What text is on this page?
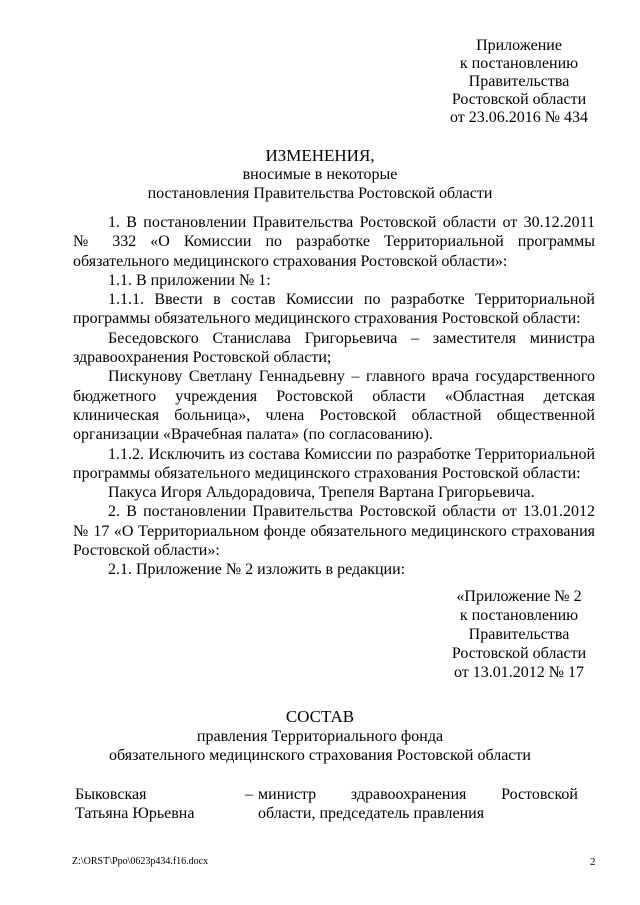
Приложение
к постановлению
Правительства
Ростовской области
от 23.06.2016 № 434
ИЗМЕНЕНИЯ,
вносимые в некоторые
постановления Правительства Ростовской области

1. В постановлении Правительства Ростовской области от 30.12.2011 № 332 «О Комиссии по разработке Территориальной программы обязательного медицинского страхования Ростовской области»:

1.1. В приложении № 1:

1.1.1. Ввести в состав Комиссии по разработке Территориальной программы обязательного медицинского страхования Ростовской области:

Беседовского Станислава Григорьевича – заместителя министра здравоохранения Ростовской области;

Пискунову Светлану Геннадьевну – главного врача государственного бюджетного учреждения Ростовской области «Областная детская клиническая больница», члена Ростовской областной общественной организации «Врачебная палата» (по согласованию).

1.1.2. Исключить из состава Комиссии по разработке Территориальной программы обязательного медицинского страхования Ростовской области:

Пакуса Игоря Альдорадовича, Трепеля Вартана Григорьевича.

2. В постановлении Правительства Ростовской области от 13.01.2012 № 17 «О Территориальном фонде обязательного медицинского страхования Ростовской области»:

2.1. Приложение № 2 изложить в редакции:

«Приложение № 2
к постановлению
Правительства
Ростовской области
от 13.01.2012 № 17
СОСТАВ
правления Территориального фонда
обязательного медицинского страхования Ростовской области
Быковская
Татьяна Юрьевна
– министр здравоохранения Ростовской области, председатель правления
Z:\ORST\Ppo\0623p434.f16.docx	2
